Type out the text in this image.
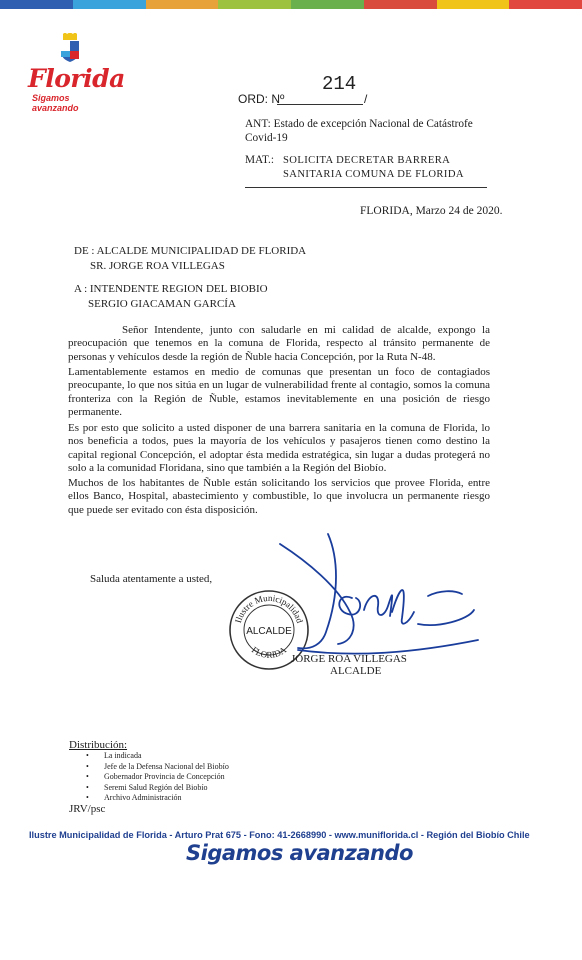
Florida
Sigamos avanzando
214
ORD: Nº	/
ANT: Estado de excepción Nacional de Catástrofe Covid-19
MAT.: SOLICITA DECRETAR BARRERA SANITARIA COMUNA DE FLORIDA
FLORIDA, Marzo 24 de 2020.
DE : ALCALDE MUNICIPALIDAD DE FLORIDA
SR. JORGE ROA VILLEGAS
A : INTENDENTE REGION DEL BIOBIO
SERGIO GIACAMAN GARCÍA

Señor Intendente, junto con saludarle en mi calidad de alcalde, expongo la preocupación que tenemos en la comuna de Florida, respecto al tránsito permanente de personas y vehículos desde la región de Ñuble hacia Concepción, por la Ruta N-48.

Lamentablemente estamos en medio de comunas que presentan un foco de contagiados preocupante, lo que nos sitúa en un lugar de vulnerabilidad frente al contagio, somos la comuna fronteriza con la Región de Ñuble, estamos inevitablemente en una posición de riesgo permanente.

Es por esto que solicito a usted disponer de una barrera sanitaria en la comuna de Florida, lo nos beneficia a todos, pues la mayoría de los vehículos y pasajeros tienen como destino la capital regional Concepción, el adoptar ésta medida estratégica, sin lugar a dudas protegerá no solo a la comunidad Floridana, sino que también a la Región del Biobío.

Muchos de los habitantes de Ñuble están solicitando los servicios que provee Florida, entre ellos Banco, Hospital, abastecimiento y combustible, lo que involucra un permanente riesgo que puede ser evitado con ésta disposición.

Saluda atentamente a usted,
Ilustre Municipalidad
ALCALDE
FLORIDA
JORGE ROA VILLEGAS
ALCALDE
Distribución:
• La indicada
• Jefe de la Defensa Nacional del Biobío
• Gobernador Provincia de Concepción
• Seremi Salud Región del Biobío
• Archivo Administración
JRV/psc
Ilustre Municipalidad de Florida - Arturo Prat 675 - Fono: 41-2668990 - www.muniflorida.cl - Región del Biobío Chile
Sigamos avanzando
